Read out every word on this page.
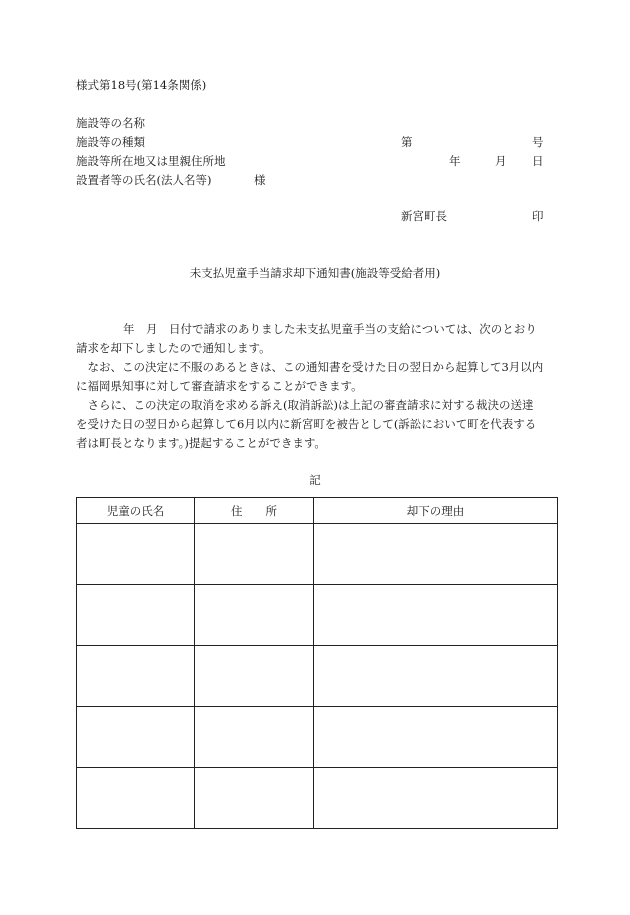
様式第18号(第14条関係)
施設等の名称
施設等の種類
施設等所在地又は里親住所地
設置者等の氏名(法人名等)	様
第	号
年	月 日
新宮町長	印
未支払児童手当請求却下通知書(施設等受給者用)

年　月　日付で請求のありました未支払児童手当の支給については、次のとおり

請求を却下しましたので通知します。

なお、この決定に不服のあるときは、この通知書を受けた日の翌日から起算して3月以内

に福岡県知事に対して審査請求をすることができます。

さらに、この決定の取消を求める訴え(取消訴訟)は上記の審査請求に対する裁決の送達

を受けた日の翌日から起算して6月以内に新宮町を被告として(訴訟において町を代表する

者は町長となります。)提起することができます。

記
児童の氏名	住　　所	却下の理由
